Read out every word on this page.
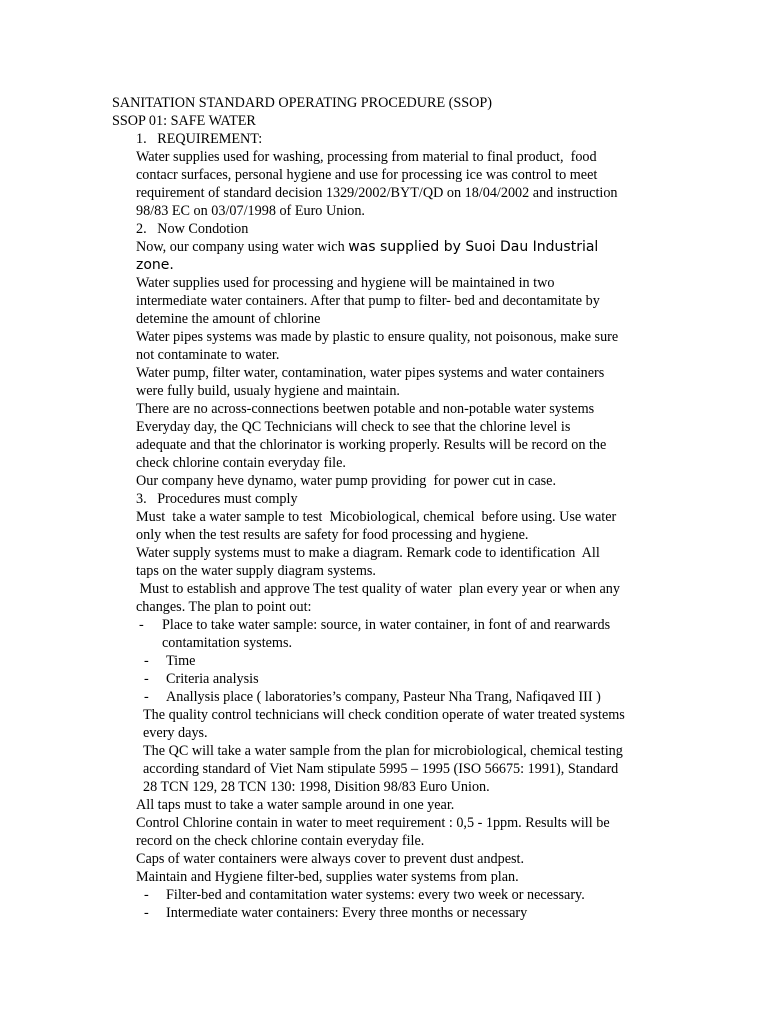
SANITATION STANDARD OPERATING PROCEDURE (SSOP)
SSOP 01: SAFE WATER
1.   REQUIREMENT:
Water supplies used for washing, processing from material to final product,  food
contacr surfaces, personal hygiene and use for processing ice was control to meet
requirement of standard decision 1329/2002/BYT/QD on 18/04/2002 and instruction
98/83 EC on 03/07/1998 of Euro Union.
2.   Now Condotion
Now, our company using water wich was supplied by Suoi Dau Industrial
zone.
Water supplies used for processing and hygiene will be maintained in two
intermediate water containers. After that pump to filter- bed and decontamitate by
detemine the amount of chlorine
Water pipes systems was made by plastic to ensure quality, not poisonous, make sure
not contaminate to water.
Water pump, filter water, contamination, water pipes systems and water containers
were fully build, usualy hygiene and maintain.
There are no across-connections beetwen potable and non-potable water systems
Everyday day, the QC Technicians will check to see that the chlorine level is
adequate and that the chlorinator is working properly. Results will be record on the
check chlorine contain everyday file.
Our company heve dynamo, water pump providing  for power cut in case.
3.   Procedures must comply
Must  take a water sample to test  Micobiological, chemical  before using. Use water
only when the test results are safety for food processing and hygiene.
Water supply systems must to make a diagram. Remark code to identification  All
taps on the water supply diagram systems.
Must to establish and approve The test quality of water  plan every year or when any
changes. The plan to point out:
- Place to take water sample: source, in water container, in font of and rearwards
contamitation systems.
- Time
- Criteria analysis
- Anallysis place ( laboratories’s company, Pasteur Nha Trang, Nafiqaved III )
The quality control technicians will check condition operate of water treated systems
every days.
The QC will take a water sample from the plan for microbiological, chemical testing
according standard of Viet Nam stipulate 5995 – 1995 (ISO 56675: 1991), Standard
28 TCN 129, 28 TCN 130: 1998, Disition 98/83 Euro Union.
All taps must to take a water sample around in one year.
Control Chlorine contain in water to meet requirement : 0,5 - 1ppm. Results will be
record on the check chlorine contain everyday file.
Caps of water containers were always cover to prevent dust andpest.
Maintain and Hygiene filter-bed, supplies water systems from plan.
- Filter-bed and contamitation water systems: every two week or necessary.
- Intermediate water containers: Every three months or necessary
